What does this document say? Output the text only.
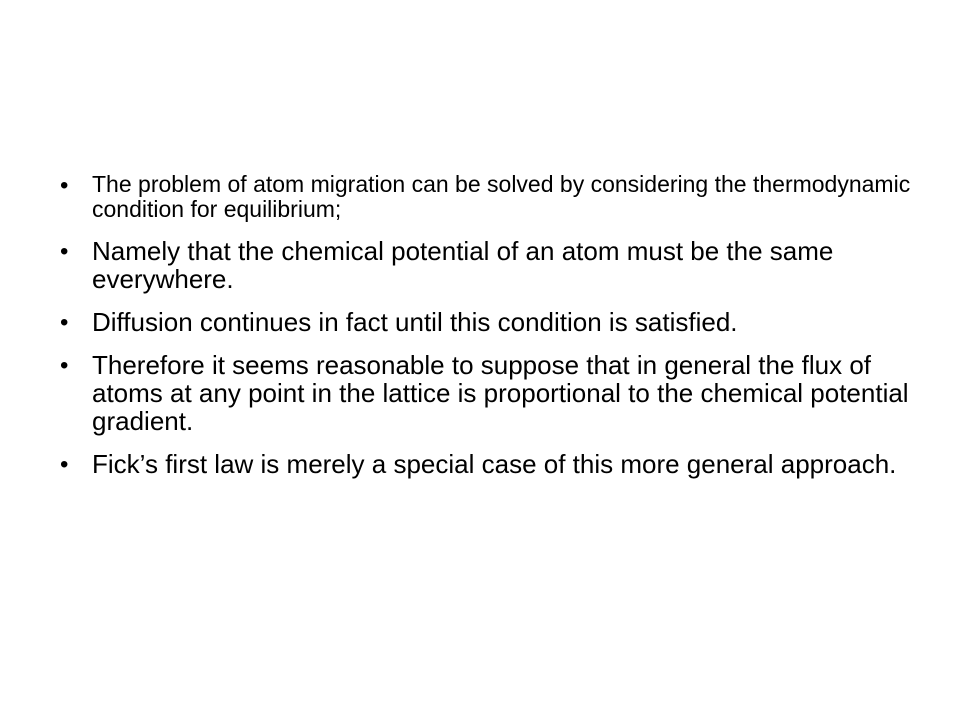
• The problem of atom migration can be solved by considering the thermodynamic condition for equilibrium;
• Namely that the chemical potential of an atom must be the same everywhere.
• Diffusion continues in fact until this condition is satisfied.
• Therefore it seems reasonable to suppose that in general the flux of atoms at any point in the lattice is proportional to the chemical potential gradient.
• Fick’s first law is merely a special case of this more general approach.
